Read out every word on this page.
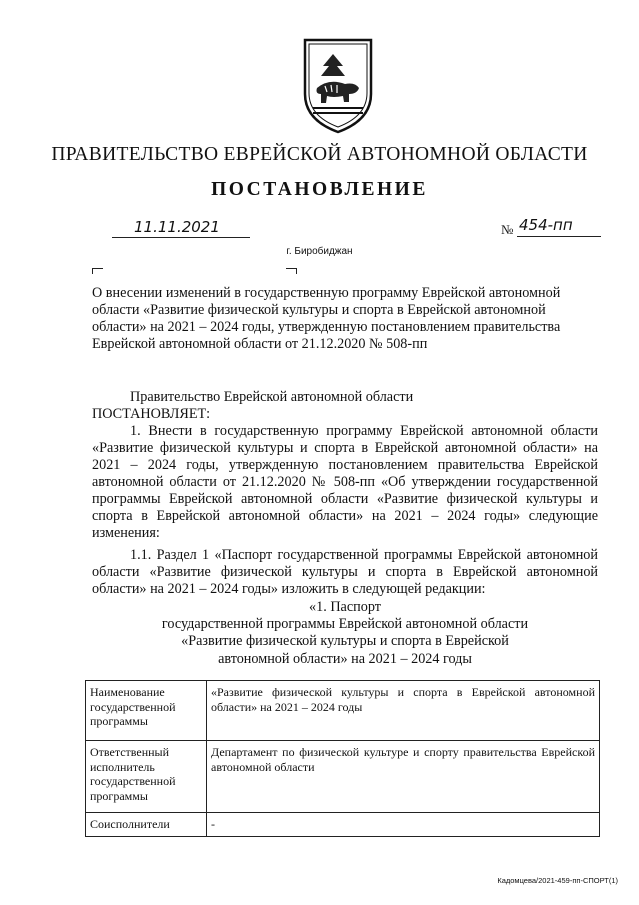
ПРАВИТЕЛЬСТВО ЕВРЕЙСКОЙ АВТОНОМНОЙ ОБЛАСТИ
ПОСТАНОВЛЕНИЕ
11.11.2021	№ 454-пп
г. Биробиджан
О внесении изменений в государственную программу Еврейской автономной области «Развитие физической культуры и спорта в Еврейской автономной области» на 2021 – 2024 годы, утвержденную постановлением правительства Еврейской автономной области от 21.12.2020 № 508-пп
Правительство Еврейской автономной области
ПОСТАНОВЛЯЕТ:
1. Внести в государственную программу Еврейской автономной области «Развитие физической культуры и спорта в Еврейской автономной области» на 2021 – 2024 годы, утвержденную постановлением правительства Еврейской автономной области от 21.12.2020 № 508-пп «Об утверждении государственной программы Еврейской автономной области «Развитие физической культуры и спорта в Еврейской автономной области» на 2021 – 2024 годы» следующие изменения:
1.1. Раздел 1 «Паспорт государственной программы Еврейской автономной области «Развитие физической культуры и спорта в Еврейской автономной области» на 2021 – 2024 годы» изложить в следующей редакции:
«1. Паспорт
государственной программы Еврейской автономной области
«Развитие физической культуры и спорта в Еврейской
автономной области» на 2021 – 2024 годы
Наименование государственной программы	«Развитие физической культуры и спорта в Еврейской автономной области» на 2021 – 2024 годы
Ответственный исполнитель государственной программы	Департамент по физической культуре и спорту правительства Еврейской автономной области
Соисполнители	-
Кадомцева/2021-459-пп-СПОРТ(1)
